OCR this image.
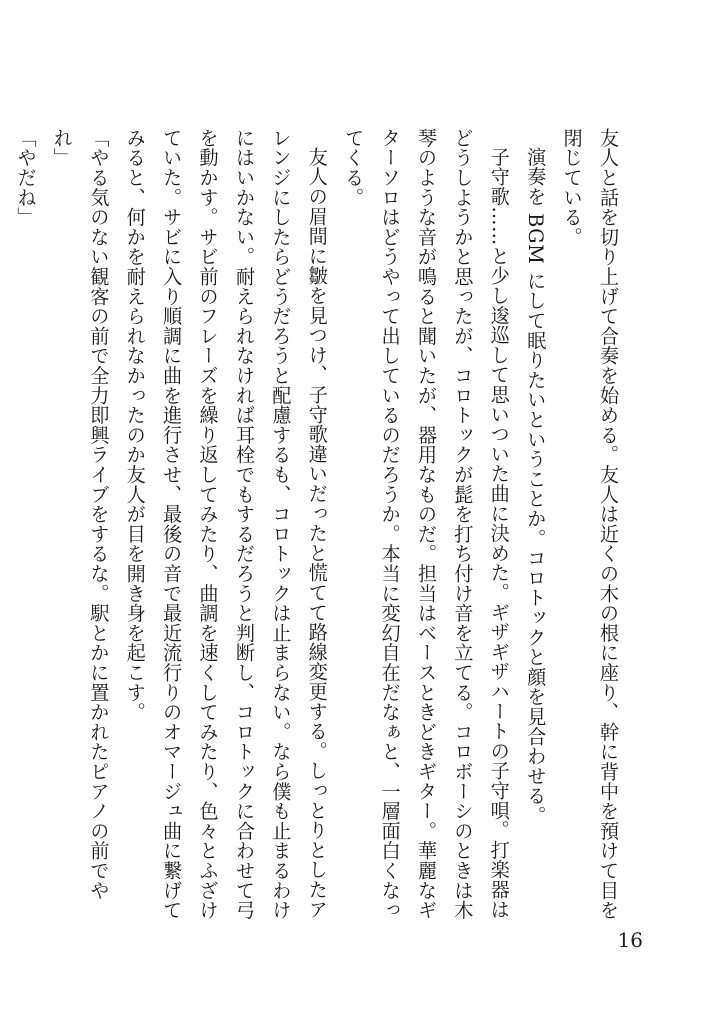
友人と話を切り上げて合奏を始める。友人は近くの木の根に座り、幹に背中を預けて目を閉じている。

演奏を BGM にして眠りたいということか。コロトックと顔を見合わせる。

子守歌……と少し逡巡して思いついた曲に決めた。ギザギザハートの子守唄。打楽器はどうしようかと思ったが、コロトックが髭を打ち付け音を立てる。コロボーシのときは木琴のような音が鳴ると聞いたが、器用なものだ。担当はベースときどきギター。華麗なギターソロはどうやって出しているのだろうか。本当に変幻自在だなぁと、一層面白くなってくる。

友人の眉間に皺を見つけ、子守歌違いだったと慌てて路線変更する。しっとりとしたアレンジにしたらどうだろうと配慮するも、コロトックは止まらない。なら僕も止まるわけにはいかない。耐えられなければ耳栓でもするだろうと判断し、コロトックに合わせて弓を動かす。サビ前のフレーズを繰り返してみたり、曲調を速くしてみたり、色々とふざけていた。サビに入り順調に曲を進行させ、最後の音で最近流行りのオマージュ曲に繋げてみると、何かを耐えられなかったのか友人が目を開き身を起こす。

「やる気のない観客の前で全力即興ライブをするな。駅とかに置かれたピアノの前でやれ」

「やだね」

16
